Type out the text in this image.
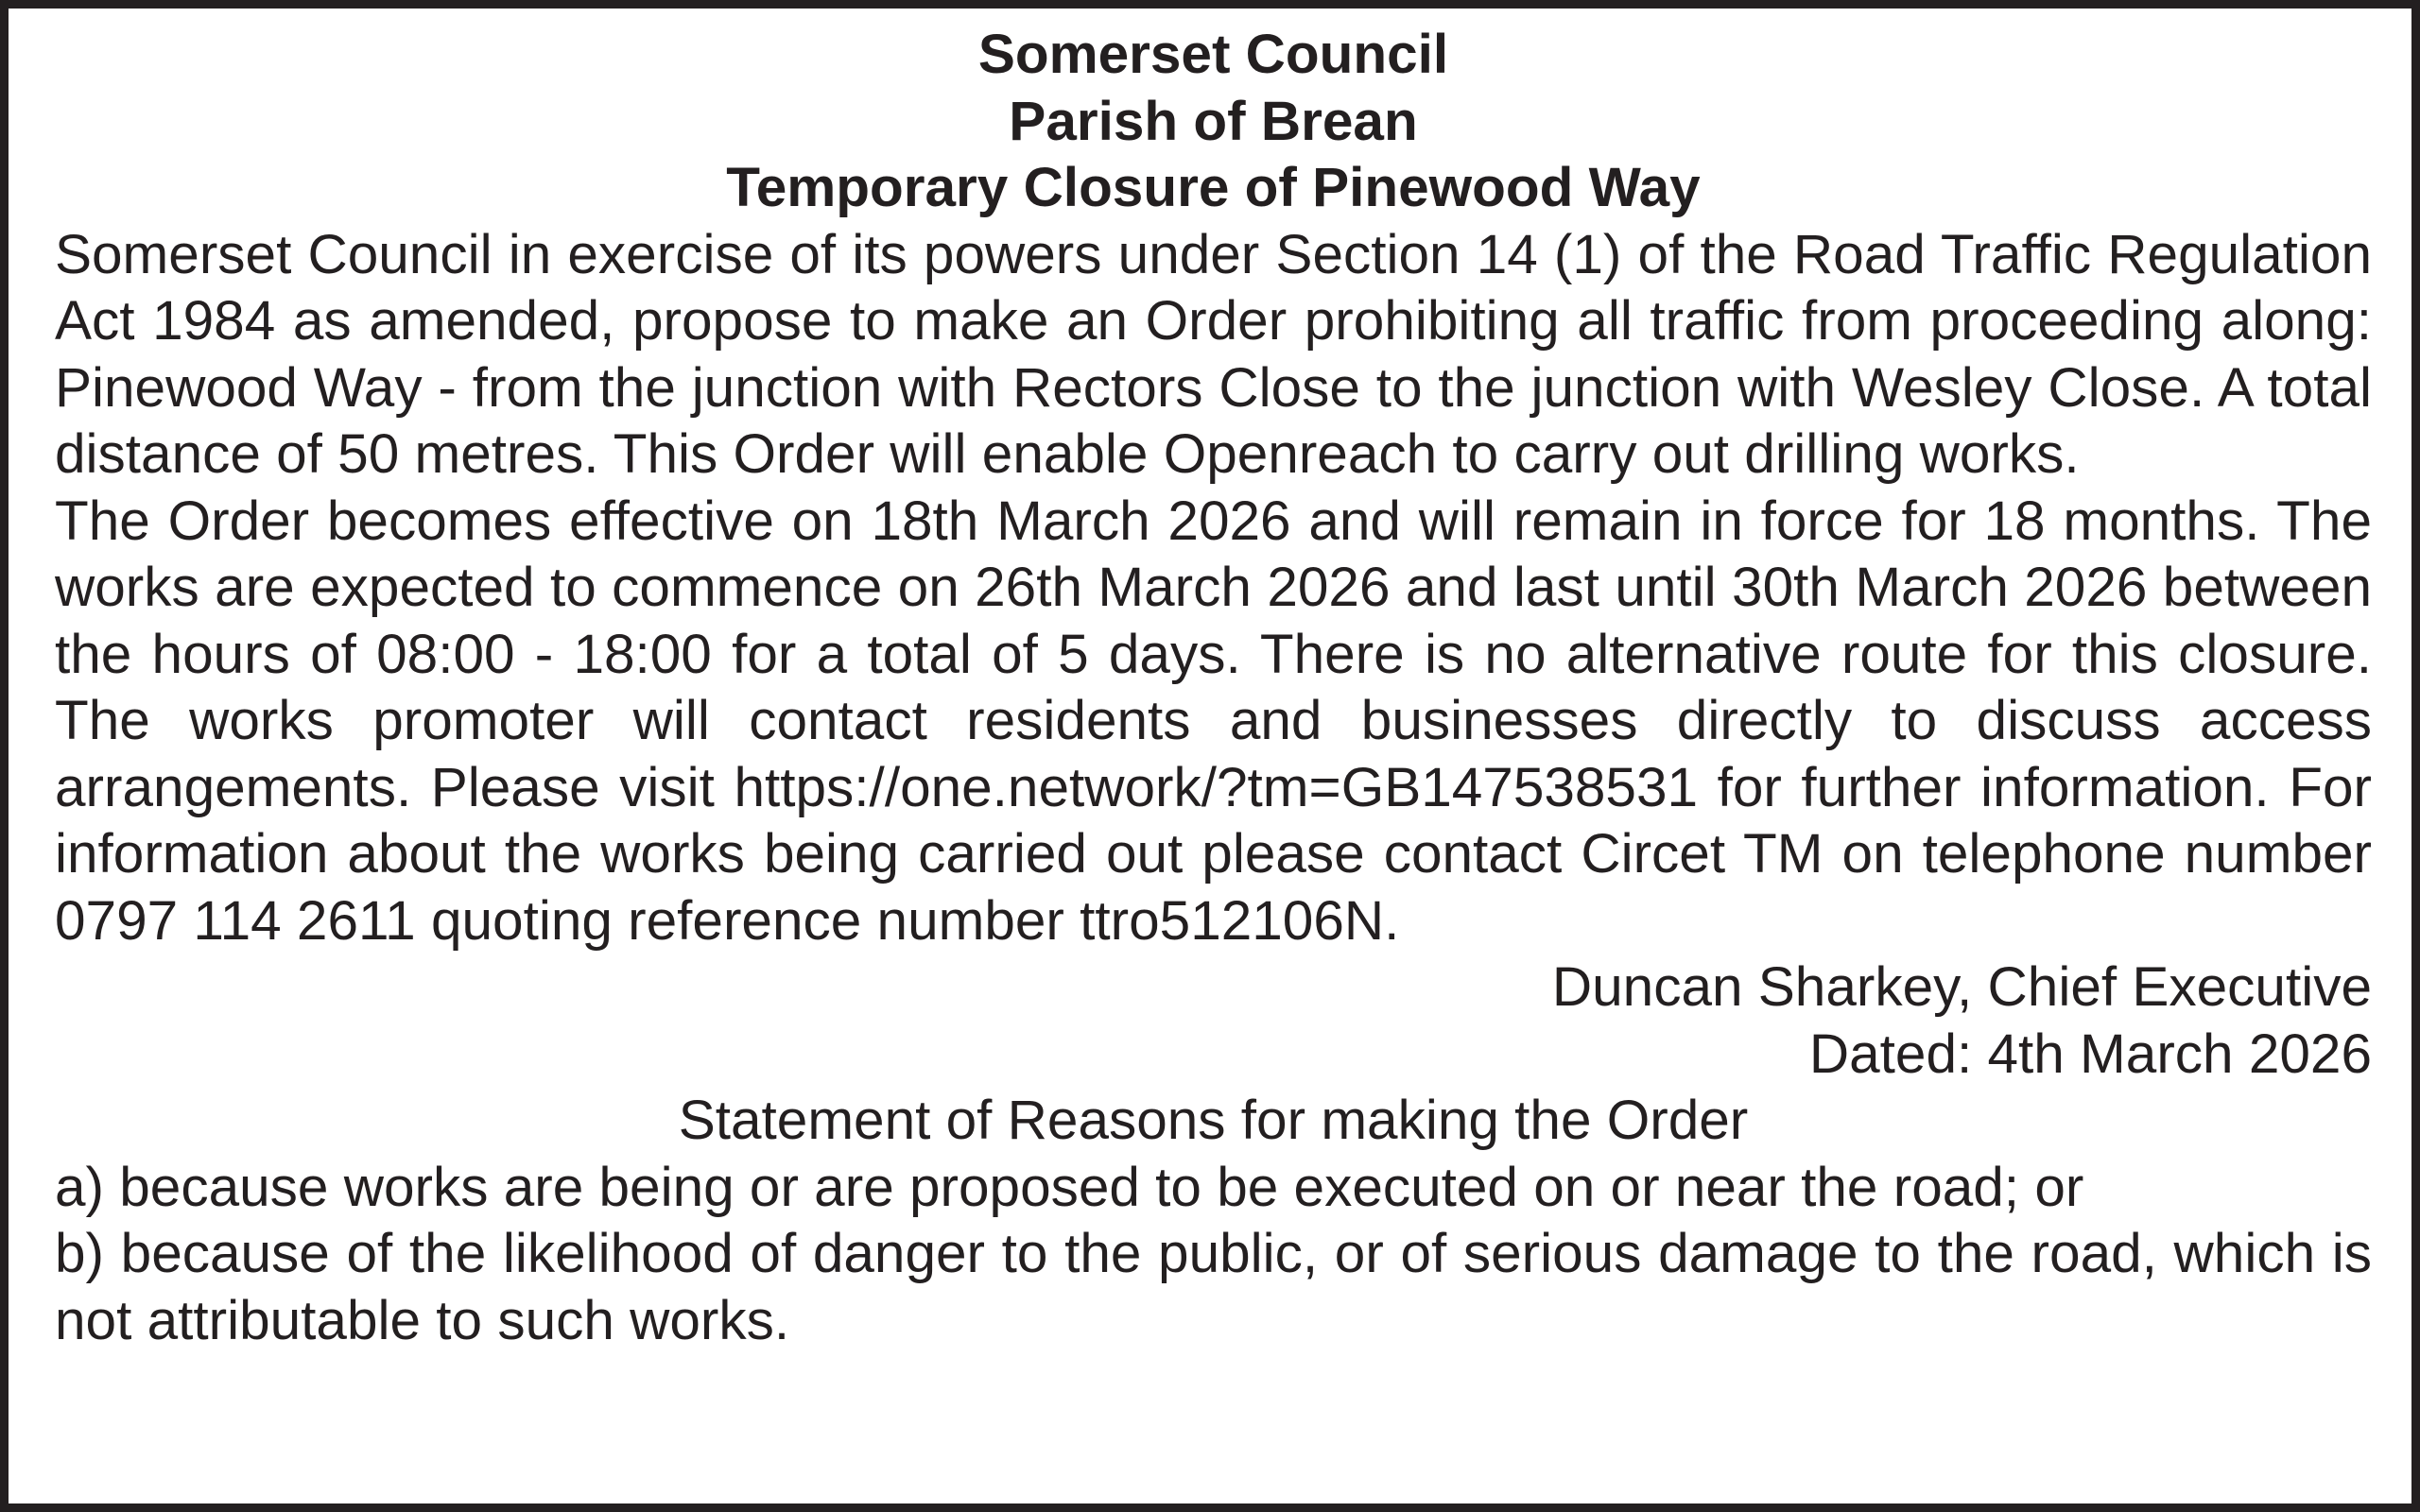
Somerset Council
Parish of Brean
Temporary Closure of Pinewood Way
Somerset Council in exercise of its powers under Section 14 (1) of the Road Traffic Regulation Act 1984 as amended, propose to make an Order prohibiting all traffic from proceeding along: Pinewood Way - from the junction with Rectors Close to the junction with Wesley Close. A total distance of 50 metres. This Order will enable Openreach to carry out drilling works.
The Order becomes effective on 18th March 2026 and will remain in force for 18 months. The works are expected to commence on 26th March 2026 and last until 30th March 2026 between the hours of 08:00 - 18:00 for a total of 5 days. There is no alternative route for this closure. The works promoter will contact residents and businesses directly to discuss access arrangements. Please visit https://one.network/?tm=GB147538531 for further information. For information about the works being carried out please contact Circet TM on telephone number 0797 114 2611 quoting reference number ttro512106N.
Duncan Sharkey, Chief Executive
Dated: 4th March 2026
Statement of Reasons for making the Order
a) because works are being or are proposed to be executed on or near the road; or
b) because of the likelihood of danger to the public, or of serious damage to the road, which is not attributable to such works.
